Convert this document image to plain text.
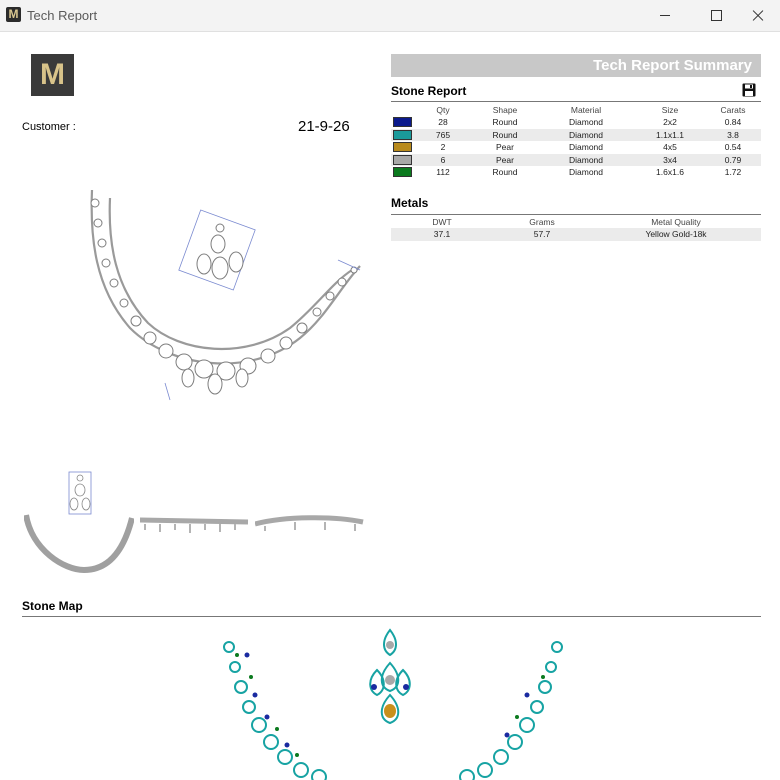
M Tech Report
M
Customer :	21-9-26
Tech Report Summary
Stone Report
	Qty	Shape	Material	Size	Carats

	28	Round	Diamond	2x2	0.84

	765	Round	Diamond	1.1x1.1	3.8

	2	Pear	Diamond	4x5	0.54

	6	Pear	Diamond	3x4	0.79

	112	Round	Diamond	1.6x1.6	1.72
Metals
DWT	Grams	Metal Quality
37.1	57.7	Yellow Gold-18k
Stone Map
